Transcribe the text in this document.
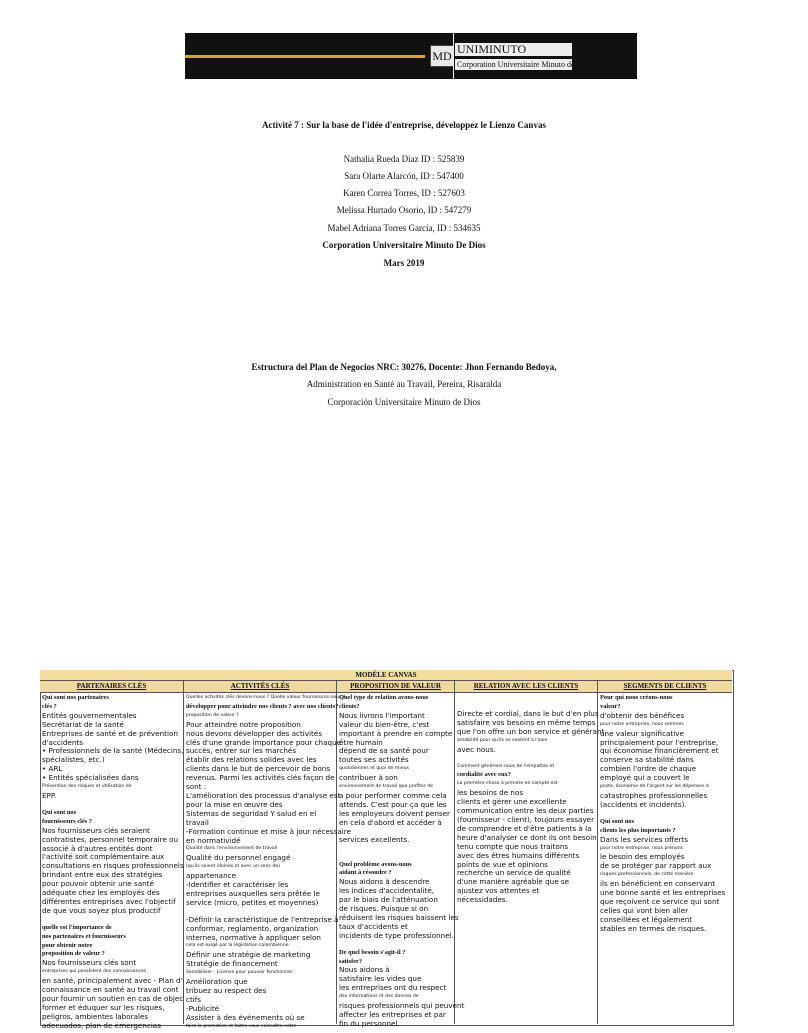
MD UNIMINUTO
Corporation Universitaire Minuto de Dios
Activité 7 : Sur la base de l'idée d'entreprise, développez le Lienzo Canvas
Nathalia Rueda Díaz ID : 525839
Sara Olarte Alarcón, ID : 547400
Karen Correa Torres, ID : 527603
Melissa Hurtado Osorio, ID : 547279
Mabel Adriana Torres García, ID : 534635
Corporation Universitaire Minuto De Dios
Mars 2019
Estructura del Plan de Negocios NRC: 30276, Docente: Jhon Fernando Bedoya,
Administration en Santé au Travail, Pereira, Risaralda
Corporación Universitaire Minuto de Dios
MODÈLE CANVAS
PARTENAIRES CLÉS

Qui sont nos partenaires

clés ?

Entités gouvernementales

Secrétariat de la santé

Entreprises de santé et de prévention

d'accidents

• Professionnels de la santé (Médecins,

spécialistes, etc.)

• ARL

• Entités spécialisées dans

Prévention des risques et utilisation de

EPP.

Qui sont nos

fournisseurs clés ?

Nos fournisseurs clés seraient

contratistes, personnel temporaire ou

associé à d'autres entités dont

l'activité soit complémentaire aux

consultations en risques professionnels

brindant entre eux des stratégies

pour pouvoir obtenir une santé

adéquate chez les employés des

différentes entreprises avec l'objectif

de que vous soyez plus productif

quelle est l'importance de

nos partenaires et fournisseurs

pour obtenir notre

proposition de valeur ?

Nos fournisseurs clés sont

entreprises qui possèdent des connaissances

en santé, principalement avec - Plan d'

connaissance en santé au travail cont

pour fournir un soutien en cas de objec

former et éduquer sur les risques,

peligros, ambientes laborales

adecuados, plan de emergencias

ACTIVITÉS CLÉS

Quelles activités clés devons-nous ? Quelle valeur fournissons-nous à

développer pour atteindre nos clients ? avec nos clients?

proposition de valeur ?

Pour atteindre notre proposition

nous devons développer des activités

clés d'une grande importance pour chaque

succès, entrer sur les marchés

établir des relations solides avec les

clients dans le but de percevoir de bons

revenus. Parmi les activités clés façon de

sont :

L'amélioration des processus d'analyse est

pour la mise en œuvre des

Sistemas de seguridad Y salud en el

travail

-Formation continue et mise à jour nécessaire

en normatividé

Qualité dans l'environnement de travail

Qualité du personnel engagé

(qu'ils soient idoines et avec un sens de)

appartenance

-Identifier et caractériser les

entreprises auxquelles sera prêtée le

service (micro, petites et moyennes)

-Définir la caractéristique de l'entreprise à

conformar, reglamento, organization

internes, normative à appliquer selon

cela est exigé par la législation colombienne

Définir une stratégie de marketing

Stratégie de financement

Sensibiliser - Licence pour pouvoir fonctionner

Amélioration que

tribuez au respect des

ctifs

-Publicité

Assister à des événements où se

faire la promotion et faites-vous connaître notre

PROPOSITION DE VALEUR

Quel type de relation avons-nous

clients?

Nous livrons l'important

valeur du bien-être, c'est

important à prendre en compte

être humain

dépend de sa santé pour

toutes ses activités

quotidiennes et quoi de mieux

contribuer à son

environnement de travail que profiter de

a pour performer comme cela

attends. C'est pour ça que les

les employeurs doivent penser

en cela d'abord et accéder à

services excellents.

Quel problème avons-nous

aidant à résoudre ?

Nous aidons à descendre

les indices d'accidentalité,

par le biais de l'atténuation

de risques. Puisque si on

réduisent les risques baissent les

taux d'accidents et

incidents de type professionnel.

De quel besoin s'agit-il ?

satisfer?

Nous aidons à

satisfaire les vides que

les entreprises ont du respect

des informations et des donnez de

risques professionnels qui peuvent

affecter les entreprises et par

fin du personnel.

RELATION AVEC LES CLIENTS

Directe et cordial, dans le but d'en plus

satisfaire vos besoins en même temps

que l'on offre un bon service et générant

amabilité pour qu'ils se sentent à l'aise

avec nous.

Comment générons-nous de l'empathie et

cordialité avec eux?

La première chose à prendre en compte est

les besoins de nos

clients et gérer une excellente

communication entre les deux parties

(fournisseur - client), toujours essayer

de comprendre et d'être patients à la

heure d'analyser ce dont ils ont besoin

tenu compte que nous traitons

avec des êtres humains différents

points de vue et opinions

recherche un service de qualité

d'une manière agréable que se

ajustez vos attentes et

nécessidades.

SEGMENTS DE CLIENTS

Pour qui nous créons-nous

valeur?

d'obtenir des bénéfices

pour notre entreprise, nous sommes

une valeur significative

principalement pour l'entreprise,

qui économise financièrement et

conserve sa stabilité dans

combien l'ordre de chaque

employé qui a couvert le

poste, économie de l'argent sur les dépenses à

catastrophes professionnelles

(accidents et incidents).

Qui sont nos

clients les plus importants ?

Dans les services offerts

pour notre entreprise, nous prenons

le besoin des employés

de se protéger par rapport aux

risques professionnels, de cette manière

ils en bénéficient en conservant

une bonne santé et les entreprises

que reçoivent ce service qui sont

celles qui vont bien aller

conseillées et légalement

stables en termes de risques.
